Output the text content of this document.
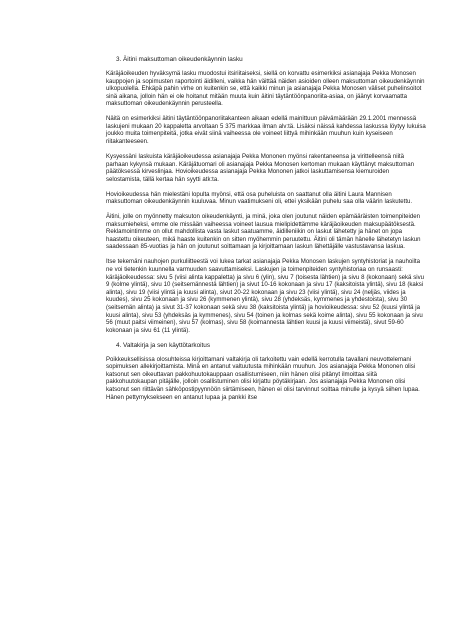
3. Äitini maksuttoman oikeudenkäynnin lasku

Käräjäoikeuden hyväksymä lasku muodostui itsiriitaiseksi, siellä on korvattu esimerkiksi asianajaja Pekka Monosen kauppojen ja sopimusten raportointi äidilleni, vaikka hän väittää näiden asioiden olleen maksuttoman oikeudenkäynnin ulkopuolella. Ehkäpä pahin virhe on kuitenkin se, että kaikki minun ja asianajaja Pekka Monosen väliset puhelinsoitot sinä aikana, jolloin hän ei ole hoitanut mitään muuta kuin äitini täytäntöönpanoriita-asiaa, on jäänyt korvaamatta maksuttoman oikeudenkäynnin perusteella.

Näitä on esimerkiksi äitini täytäntöönpanoriitakanteen aikaan edellä mainittuun päivämäärään 29.1.2001 mennessä laskujeni mukaan 20 kappaletta arvoltaan 5 375 markkaa ilman alv:tä. Lisäksi näissä kahdessa laskussa löytyy lukuisa joukko muita toimenpiteitä, jotka eivät siinä vaiheessa ole voineet liittyä mihinkään muuhun kuin kyseiseen riitakanteeseen.

Kysyessäni laskuista käräjäoikeudessa asianajaja Pekka Mononen myönsi rakentaneensa ja virittelleensä niitä parhaan kykynsä mukaan. Käräjätuomari oli asianajaja Pekka Monosen kertoman mukaan käyttänyt maksuttoman päätöksessä kirveslinjaa. Hovioikeudessa asianajaja Pekka Mononen jatkoi laskuttamisensa kiemuroiden selostamista, tällä kertaa hän syytti atk:ta.

Hovioikeudessa hän mielestäni lopulta myönsi, että osa puheluista on saattanut olla äitini Laura Mannisen maksuttoman oikeudenkäynnin kuuluvaa. Minun vaatimukseni oli, ettei yksikään puhelu saa olla väärin laskutettu.

Äitini, jolle on myönnetty maksuton oikeudenkäynti, ja minä, joka olen joutunut näiden epämääräisten toimenpiteiden maksumieheksi, emme ole missään vaiheessa voineet lausua mielipidettämme käräjäoikeuden maksupäätöksestä. Reklamointimme on ollut mahdollista vasta laskut saatuamme, äidilleniikin on laskut lähetetty ja hänet on jopa haastettu oikeuteen, mikä haaste kuitenkin on sitten myöhemmin peruutettu. Äitini oli tämän hänelle lähetetyn laskun saadessaan 85-vuotias ja hän on joutunut soittamaan ja kirjoittamaan laskun lähettäjälle vastustavansa laskua.

Itse tekemäni nauhojen purkuliitteestä voi lukea tarkat asianajaja Pekka Monosen laskujen syntyhistoriat ja nauhoilta ne voi tietenkin kuunnella varmuuden saavuttamiseksi. Laskujen ja toimenpiteiden syntyhistoriaa on runsaasti: käräjäoikeudessa: sivu 5 (viisi alinta kappaletta) ja sivu 6 (ylin), sivu 7 (toisesta lähtien) ja sivu 8 (kokonaan) sekä sivu 9 (kolme ylintä), sivu 10 (seitsemännestä lähtien) ja sivut 10-16 kokonaan ja sivu 17 (kaksitoista ylintä), sivu 18 (kaksi alinta), sivu 19 (viisi ylintä ja kuusi alinta), sivut 20-22 kokonaan ja sivu 23 (viisi ylintä), sivu 24 (neljäs, viides ja kuudes), sivu 25 kokonaan ja sivu 26 (kymmenen ylintä), sivu 28 (yhdeksäs, kymmenes ja yhdestoista), sivu 30 (seitsemän alinta) ja sivut 31-37 kokonaan sekä sivu 38 (kaksitoista ylintä) ja hovioikeudessa: sivu 52 (kuusi ylintä ja kuusi alinta), sivu 53 (yhdeksäs ja kymmenes), sivu 54 (toinen ja kolmas sekä koime alinta), sivu 55 kokonaan ja sivu 56 (muut paitsi viimeinen), sivu 57 (kolmas), sivu 58 (koimannesta lähtien kuusi ja kuusi viimeistä), sivut 59-60 kokonaan ja sivu 61 (11 ylintä).

4. Valtakirja ja sen käyttötarkoitus

Poikkeuksellisissa olosuhteissa kirjoittamani valtakirja oli tarkoitettu vain edellä kerrotulla tavallani neuvottelemani sopimuksen allekirjoittamista. Minä en antanut valtuutusta mihinkään muuhun. Jos asianajaja Pekka Mononen olisi katsonut sen oikeuttavan pakkohuutokauppaan osallistumiseen, niin hänen olisi pitänyt ilmoittaa siitä pakkohuutokaupan pitäjälle, jolloin osallistuminen olisi kirjattu pöytäkirjaan. Jos asianajaja Pekka Mononen olisi katsonut sen riittävän sähköpostipyynnöön siirtämiseen, hänen ei olisi tarvinnut soittaa minulle ja kysyä siihen lupaa. Hänen pettymyksekseen en antanut lupaa ja pankki itse
